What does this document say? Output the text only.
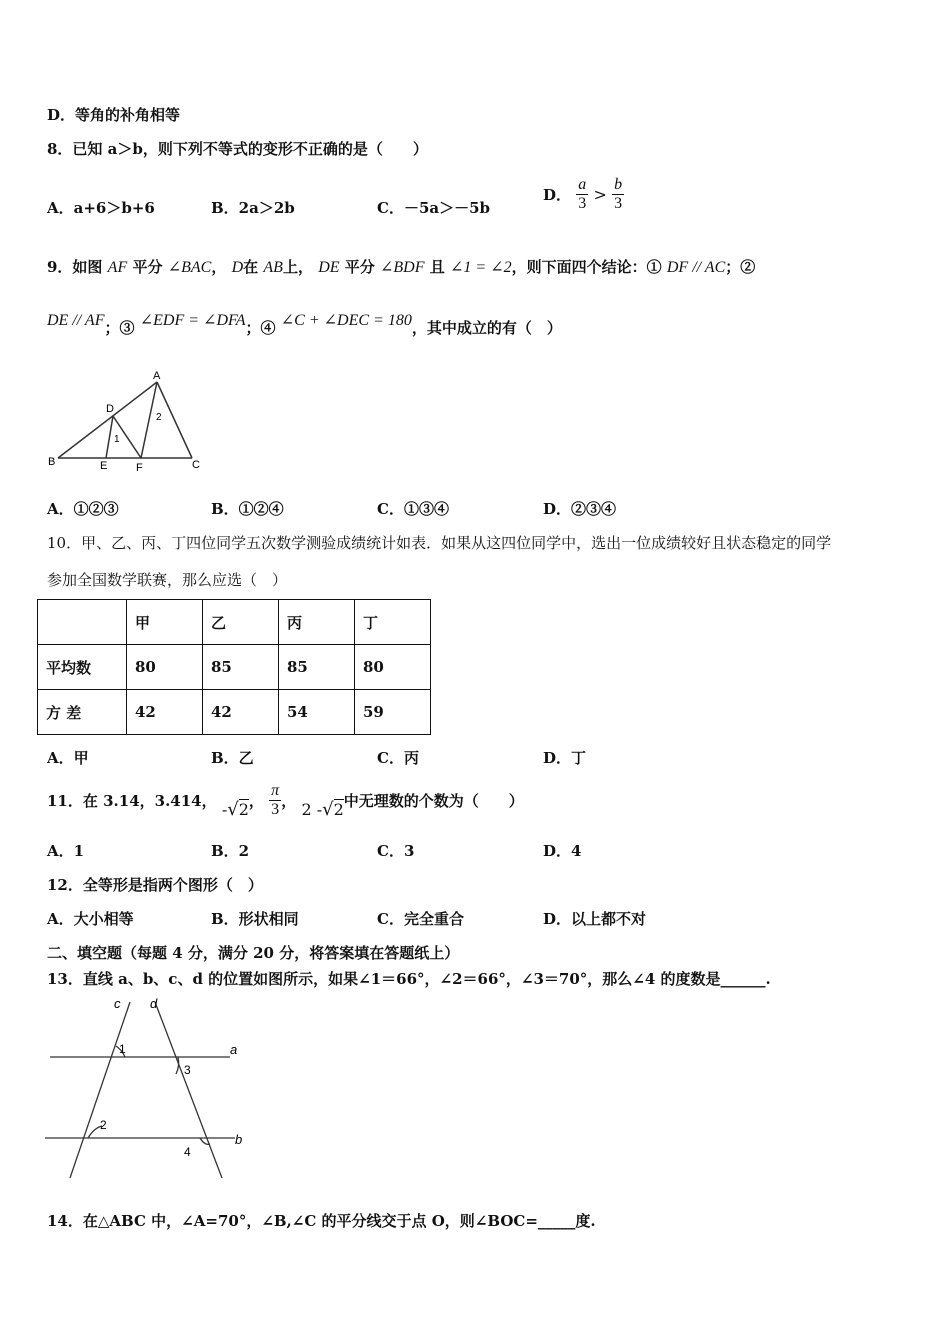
D．等角的补角相等
8．已知 a＞b，则下列不等式的变形不正确的是（　　）
A．a+6＞b+6	B．2a＞2b	C．－5a＞－5b
D． $\frac{a}{3} > \frac{b}{3}$
9．如图 AF 平分 ∠BAC， D在 AB上， DE 平分 ∠BDF 且 ∠1 = ∠2，则下面四个结论：① DF // AC；②
DE // AF；③ ∠EDF = ∠DFA；④ ∠C + ∠DEC = 180，其中成立的有（　）
A
B	C
D
E	F
1
2
A．①②③	B．①②④	C．①③④	D．②③④
10．甲、乙、丙、丁四位同学五次数学测验成绩统计如表．如果从这四位同学中，选出一位成绩较好且状态稳定的同学
参加全国数学联赛，那么应选（　）
	甲	乙	丙	丁
平均数	80	85	85	80
方 差	42	42	54	59
A．甲	B．乙	C．丙	D．丁
11．在 3.14，3.414， -√2， $\frac{\pi}{3}$ ， 2 -√2中无理数的个数为（　　）
A．1	B．2	C．3	D．4
12．全等形是指两个图形（　）
A．大小相等	B．形状相同	C．完全重合	D．以上都不对
二、填空题（每题 4 分，满分 20 分，将答案填在答题纸上）
13．直线 a、b、c、d 的位置如图所示，如果∠1＝66°，∠2＝66°，∠3＝70°，那么∠4 的度数是______.
c d
a
b
1
3
2
4
14．在△ABC 中，∠A=70°，∠B,∠C 的平分线交于点 O，则∠BOC=_____度.
